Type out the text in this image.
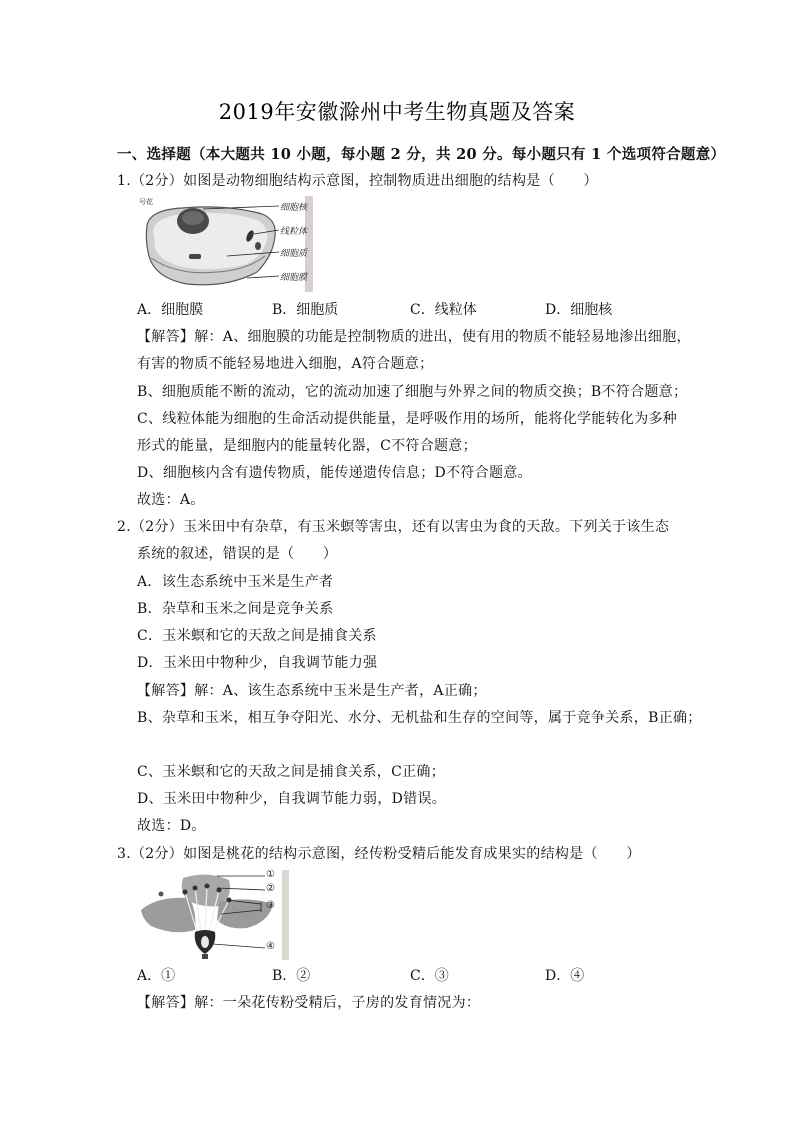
2019年安徽滁州中考生物真题及答案
一、选择题（本大题共 10 小题，每小题 2 分，共 20 分。每小题只有 1 个选项符合题意）
1.（2分）如图是动物细胞结构示意图，控制物质进出细胞的结构是（　　）
号花
细胞核
线粒体
细胞质
细胞膜
A．细胞膜	B．细胞质	C．线粒体	D．细胞核
【解答】解：A、细胞膜的功能是控制物质的进出，使有用的物质不能轻易地渗出细胞，
有害的物质不能轻易地进入细胞，A符合题意；
B、细胞质能不断的流动，它的流动加速了细胞与外界之间的物质交换；B不符合题意；
C、线粒体能为细胞的生命活动提供能量，是呼吸作用的场所，能将化学能转化为多种
形式的能量，是细胞内的能量转化器，C不符合题意；
D、细胞核内含有遗传物质，能传递遗传信息；D不符合题意。
故选：A。
2.（2分）玉米田中有杂草，有玉米螟等害虫，还有以害虫为食的天敌。下列关于该生态
系统的叙述，错误的是（　　）
A．该生态系统中玉米是生产者
B．杂草和玉米之间是竞争关系
C．玉米螟和它的天敌之间是捕食关系
D．玉米田中物种少，自我调节能力强
【解答】解：A、该生态系统中玉米是生产者，A正确；
B、杂草和玉米，相互争夺阳光、水分、无机盐和生存的空间等，属于竞争关系，B正确；
C、玉米螟和它的天敌之间是捕食关系，C正确；
D、玉米田中物种少，自我调节能力弱，D错误。
故选：D。
3.（2分）如图是桃花的结构示意图，经传粉受精后能发育成果实的结构是（　　）
①
②
③
④
A．①	B．②	C．③	D．④
【解答】解：一朵花传粉受精后，子房的发育情况为：
